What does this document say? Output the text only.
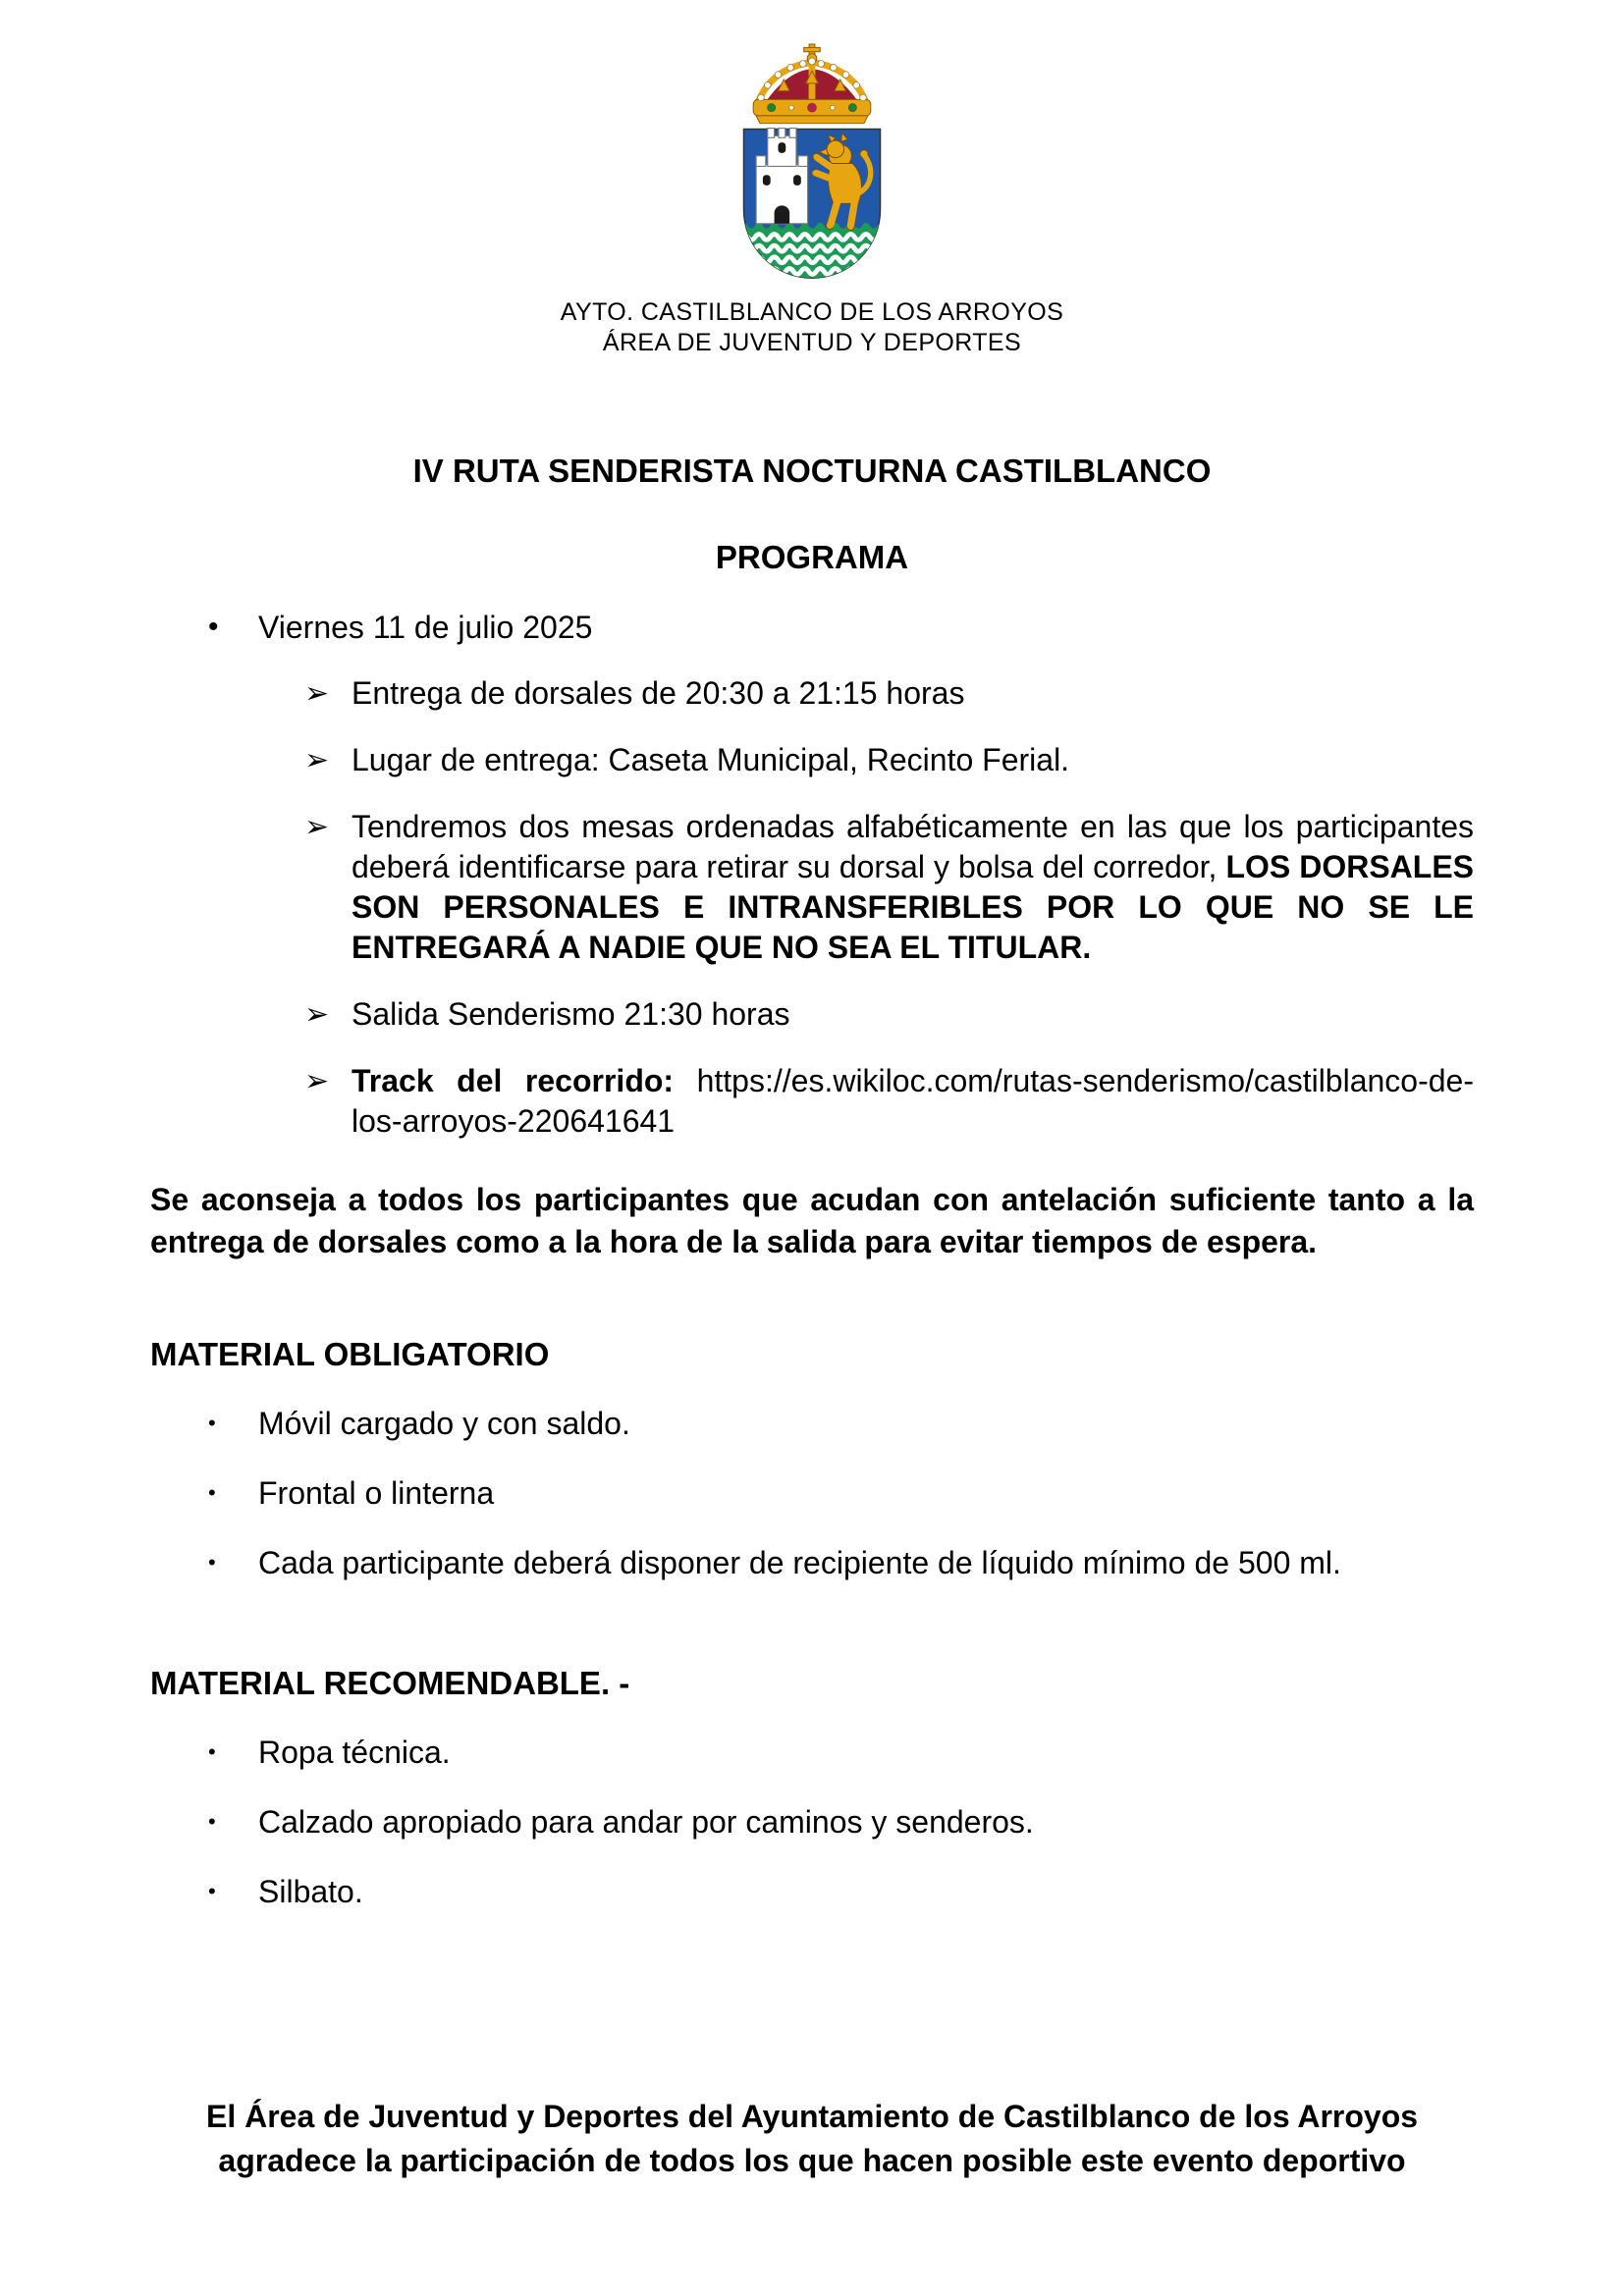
AYTO. CASTILBLANCO DE LOS ARROYOS
ÁREA DE JUVENTUD Y DEPORTES
IV RUTA SENDERISTA NOCTURNA CASTILBLANCO
PROGRAMA
•	Viernes 11 de julio 2025
➢ Entrega de dorsales de 20:30 a 21:15 horas

➢ Lugar de entrega: Caseta Municipal, Recinto Ferial.

➢ Tendremos dos mesas ordenadas alfabéticamente en las que los participantes deberá identificarse para retirar su dorsal y bolsa del corredor, LOS DORSALES SON PERSONALES E INTRANSFERIBLES POR LO QUE NO SE LE ENTREGARÁ A NADIE QUE NO SEA EL TITULAR.

➢ Salida Senderismo 21:30 horas

➢ Track del recorrido: https://es.wikiloc.com/rutas-senderismo/castilblanco-de-los-arroyos-220641641

Se aconseja a todos los participantes que acudan con antelación suficiente tanto a la entrega de dorsales como a la hora de la salida para evitar tiempos de espera.

MATERIAL OBLIGATORIO
•	Móvil cargado y con saldo.
•	Frontal o linterna
•	Cada participante deberá disponer de recipiente de líquido mínimo de 500 ml.
MATERIAL RECOMENDABLE. -
•	Ropa técnica.
•	Calzado apropiado para andar por caminos y senderos.
•	Silbato.
El Área de Juventud y Deportes del Ayuntamiento de Castilblanco de los Arroyos
agradece la participación de todos los que hacen posible este evento deportivo
